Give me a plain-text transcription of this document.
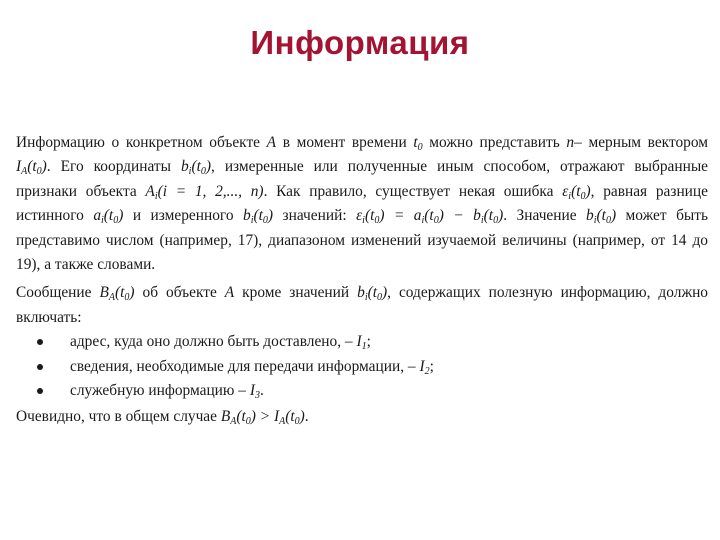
Информация

Информацию о конкретном объекте A в момент времени $t_0$ можно представить n– мерным вектором $I_A(t_0)$. Его координаты $b_i(t_0)$, измеренные или полученные иным способом, отражают выбранные признаки объекта $A_i(i = 1$, 2,..., n). Как правило, существует некая ошибка $\varepsilon_i(t_0)$, равная разнице истинного $a_i(t_0)$ и измеренного $b_i(t_0)$ значений: $\varepsilon_i(t_0) = a_i(t_0) - b_i(t_0)$. Значение $b_i(t_0)$ может быть представимо числом (например, 17), диапазоном изменений изучаемой величины (например, от 14 до 19), а также словами.

Сообщение $B_A(t_0)$ об объекте A кроме значений $b_i(t_0)$, содержащих полезную информацию, должно включать:

адрес, куда оно должно быть доставлено, – $I_1$;
сведения, необходимые для передачи информации, – $I_2$;
служебную информацию – $I_3$.

Очевидно, что в общем случае $B_A(t_0) > I_A(t_0)$.
